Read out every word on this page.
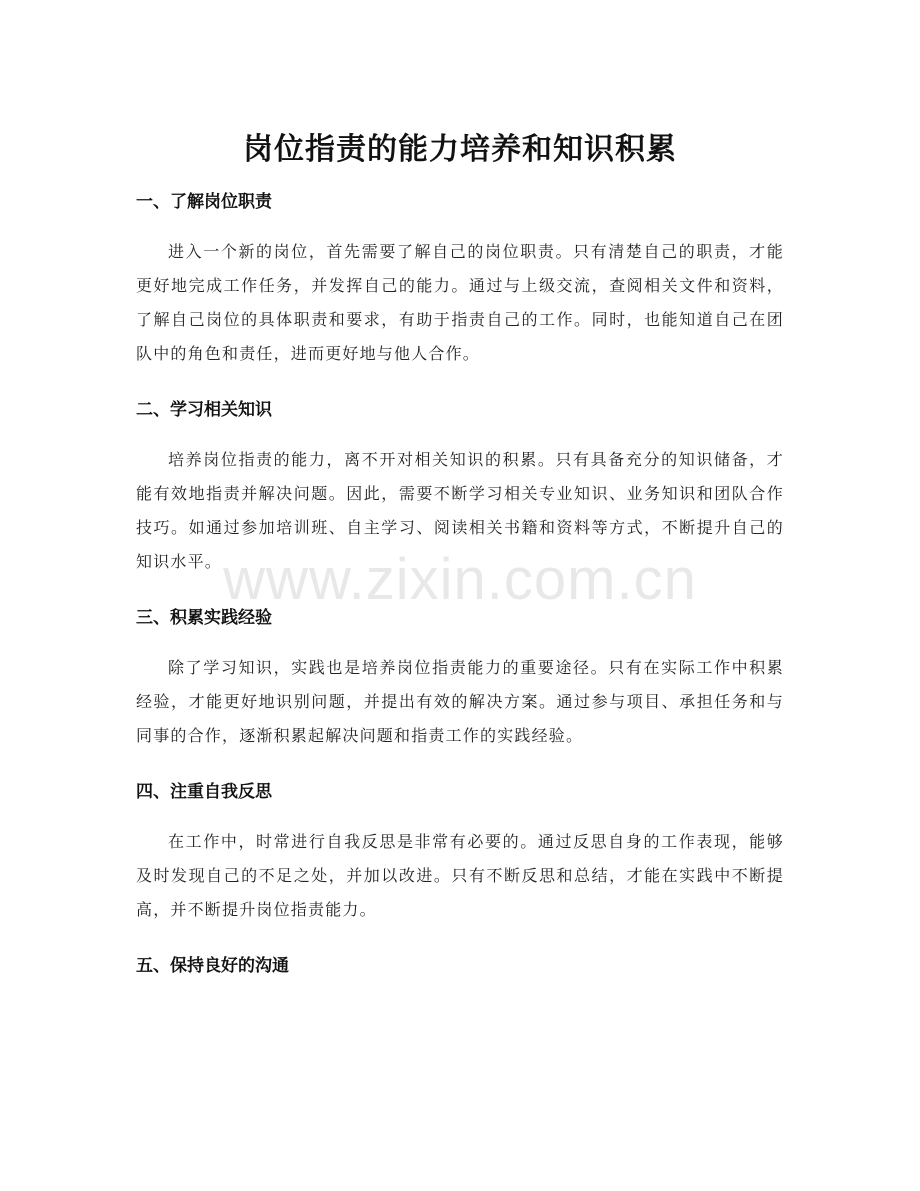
岗位指责的能力培养和知识积累
一、了解岗位职责

进入一个新的岗位，首先需要了解自己的岗位职责。只有清楚自己的职责，才能更好地完成工作任务，并发挥自己的能力。通过与上级交流，查阅相关文件和资料，了解自己岗位的具体职责和要求，有助于指责自己的工作。同时，也能知道自己在团队中的角色和责任，进而更好地与他人合作。

二、学习相关知识

培养岗位指责的能力，离不开对相关知识的积累。只有具备充分的知识储备，才能有效地指责并解决问题。因此，需要不断学习相关专业知识、业务知识和团队合作技巧。如通过参加培训班、自主学习、阅读相关书籍和资料等方式，不断提升自己的知识水平。

三、积累实践经验

除了学习知识，实践也是培养岗位指责能力的重要途径。只有在实际工作中积累经验，才能更好地识别问题，并提出有效的解决方案。通过参与项目、承担任务和与同事的合作，逐渐积累起解决问题和指责工作的实践经验。

四、注重自我反思

在工作中，时常进行自我反思是非常有必要的。通过反思自身的工作表现，能够及时发现自己的不足之处，并加以改进。只有不断反思和总结，才能在实践中不断提高，并不断提升岗位指责能力。

五、保持良好的沟通
www.zixin.com.cn
